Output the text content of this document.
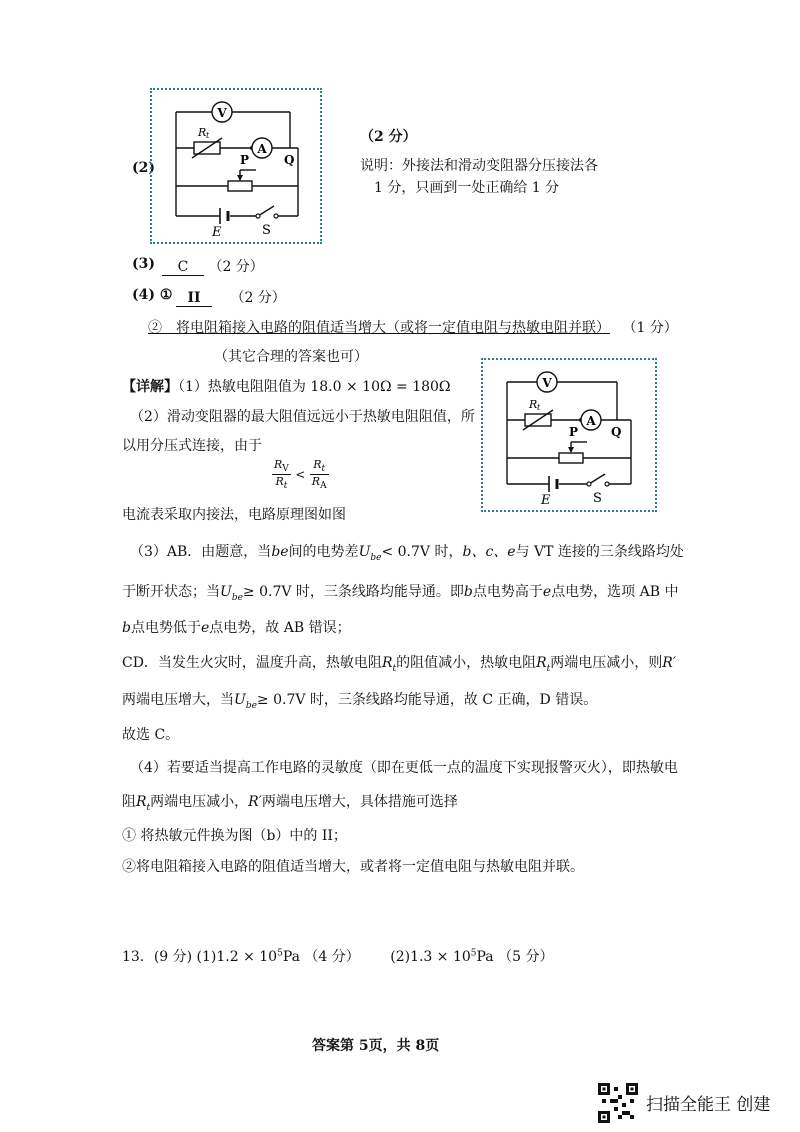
(2)
V
A
R t
P	Q
E	S
（2 分）
说明：外接法和滑动变阻器分压接法各
1 分，只画到一处正确给 1 分
(3)	C （2 分）
(4) ①	II （2 分）
②　将电阻箱接入电路的阻值适当增大（或将一定值电阻与热敏电阻并联） （1 分）
（其它合理的答案也可）
V
A
R t
P	Q
E	S
【详解】（1）热敏电阻阻值为 18.0 × 10Ω = 180Ω
（2）滑动变阻器的最大阻值远远小于热敏电阻阻值，所
以用分压式连接，由于
$\frac{R_V}{R_t} < \frac{R_t}{R_A}$
电流表采取内接法，电路原理图如图
（3）AB．由题意，当be间的电势差$U_{be}< 0.7V$ 时，b、c、e与 VT 连接的三条线路均处
于断开状态；当$U_{be}\ge 0.7V$ 时，三条线路均能导通。即b点电势高于e点电势，选项 AB 中
b点电势低于e点电势，故 AB 错误；
CD．当发生火灾时，温度升高，热敏电阻$R_t$的阻值减小，热敏电阻$R_t$两端电压减小，则R′
两端电压增大，当$U_{be}\ge 0.7V$ 时，三条线路均能导通，故 C 正确，D 错误。
故选 C。
（4）若要适当提高工作电路的灵敏度（即在更低一点的温度下实现报警灭火），即热敏电
阻$R_t$两端电压减小，R′两端电压增大，具体措施可选择
① 将热敏元件换为图（b）中的 II；
②将电阻箱接入电路的阻值适当增大，或者将一定值电阻与热敏电阻并联。
13．(9 分) $(1)1.2 \times 10^5Pa$ （4 分） $(2)1.3 \times 10^5Pa$ （5 分）
答案第 5页，共 8页
扫描全能王 创建
